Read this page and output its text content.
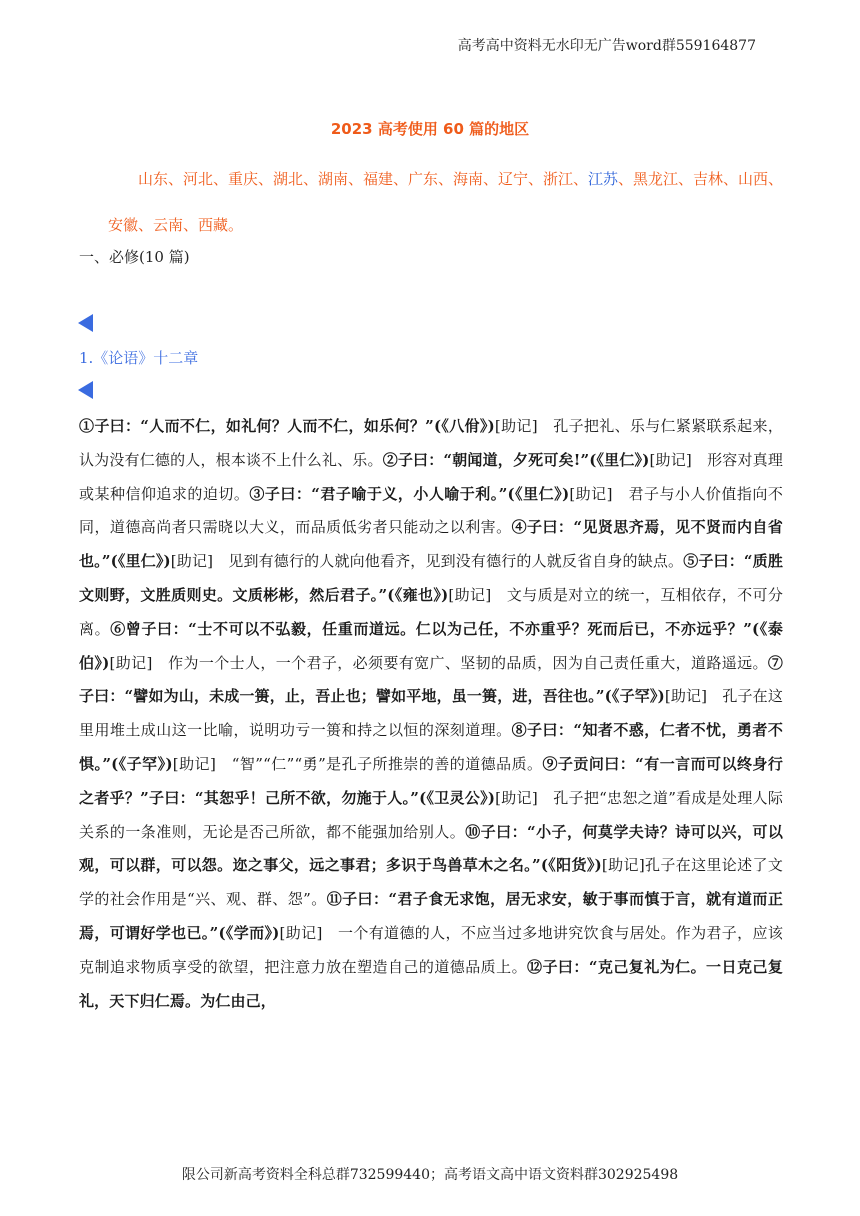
高考高中资料无水印无广告word群559164877
2023 高考使用 60 篇的地区
山东、河北、重庆、湖北、湖南、福建、广东、海南、辽宁、浙江、江苏、黑龙江、吉林、山西、安徽、云南、西藏。
一、必修(10 篇)
1.《论语》十二章
①子曰：“人而不仁，如礼何？人而不仁，如乐何？”(《八佾》)[助记]　孔子把礼、乐与仁紧紧联系起来，认为没有仁德的人，根本谈不上什么礼、乐。②子曰：“朝闻道，夕死可矣!”(《里仁》)[助记]　形容对真理或某种信仰追求的迫切。③子曰：“君子喻于义，小人喻于利。”(《里仁》)[助记]　君子与小人价值指向不同，道德高尚者只需晓以大义，而品质低劣者只能动之以利害。④子曰：“见贤思齐焉，见不贤而内自省也。”(《里仁》)[助记]　见到有德行的人就向他看齐，见到没有德行的人就反省自身的缺点。⑤子曰：“质胜文则野，文胜质则史。文质彬彬，然后君子。”(《雍也》)[助记]　文与质是对立的统一，互相依存，不可分离。⑥曾子曰：“士不可以不弘毅，任重而道远。仁以为己任，不亦重乎？死而后已，不亦远乎？”(《泰伯》)[助记]　作为一个士人，一个君子，必须要有宽广、坚韧的品质，因为自己责任重大，道路遥远。⑦子曰：“譬如为山，未成一篑，止，吾止也；譬如平地，虽一篑，进，吾往也。”(《子罕》)[助记]　孔子在这里用堆土成山这一比喻，说明功亏一篑和持之以恒的深刻道理。⑧子曰：“知者不惑，仁者不忧，勇者不惧。”(《子罕》)[助记]　“智”“仁”“勇”是孔子所推崇的善的道德品质。⑨子贡问曰：“有一言而可以终身行之者乎？”子曰：“其恕乎！己所不欲，勿施于人。”(《卫灵公》)[助记]　孔子把“忠恕之道”看成是处理人际关系的一条准则，无论是否己所欲，都不能强加给别人。⑩子曰：“小子，何莫学夫诗？诗可以兴，可以观，可以群，可以怨。迩之事父，远之事君；多识于鸟兽草木之名。”(《阳货》)[助记]孔子在这里论述了文学的社会作用是“兴、观、群、怨”。⑪子曰：“君子食无求饱，居无求安，敏于事而慎于言，就有道而正焉，可谓好学也已。”(《学而》)[助记]　一个有道德的人，不应当过多地讲究饮食与居处。作为君子，应该克制追求物质享受的欲望，把注意力放在塑造自己的道德品质上。⑫子曰：“克己复礼为仁。一日克己复礼，天下归仁焉。为仁由己，
限公司新高考资料全科总群732599440；高考语文高中语文资料群302925498
